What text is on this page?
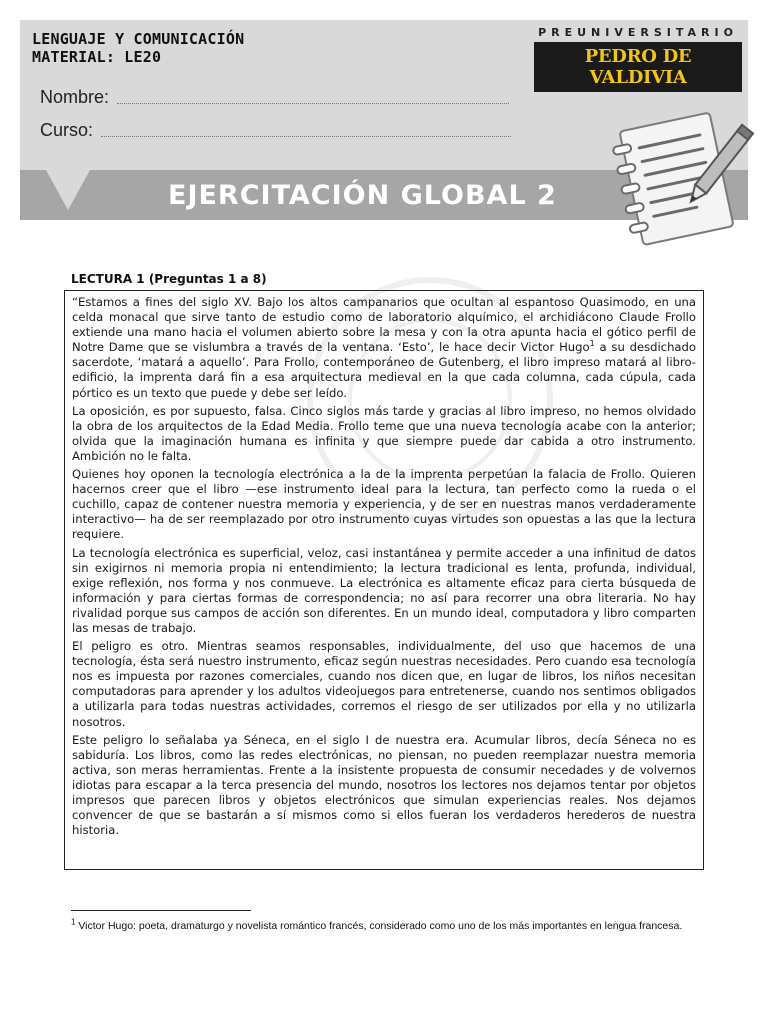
LENGUAJE Y COMUNICACIÓN
MATERIAL: LE20
PREUNIVERSITARIO
PEDRO DE VALDIVIA
Nombre:
Curso:
EJERCITACIÓN GLOBAL 2
LECTURA 1 (Preguntas 1 a 8)

“Estamos a fines del siglo XV. Bajo los altos campanarios que ocultan al espantoso Quasimodo, en una celda monacal que sirve tanto de estudio como de laboratorio alquímico, el archidiácono Claude Frollo extiende una mano hacia el volumen abierto sobre la mesa y con la otra apunta hacia el gótico perfil de Notre Dame que se vislumbra a través de la ventana. ‘Esto’, le hace decir Victor Hugo$^1$ a su desdichado sacerdote, ‘matará a aquello’. Para Frollo, contemporáneo de Gutenberg, el libro impreso matará al libro-edificio, la imprenta dará fin a esa arquitectura medieval en la que cada columna, cada cúpula, cada pórtico es un texto que puede y debe ser leído.

La oposición, es por supuesto, falsa. Cinco siglos más tarde y gracias al libro impreso, no hemos olvidado la obra de los arquitectos de la Edad Media. Frollo teme que una nueva tecnología acabe con la anterior; olvida que la imaginación humana es infinita y que siempre puede dar cabida a otro instrumento. Ambición no le falta.

Quienes hoy oponen la tecnología electrónica a la de la imprenta perpetúan la falacia de Frollo. Quieren hacernos creer que el libro —ese instrumento ideal para la lectura, tan perfecto como la rueda o el cuchillo, capaz de contener nuestra memoria y experiencia, y de ser en nuestras manos verdaderamente interactivo— ha de ser reemplazado por otro instrumento cuyas virtudes son opuestas a las que la lectura requiere.

La tecnología electrónica es superficial, veloz, casi instantánea y permite acceder a una infinitud de datos sin exigirnos ni memoria propia ni entendimiento; la lectura tradicional es lenta, profunda, individual, exige reflexión, nos forma y nos conmueve. La electrónica es altamente eficaz para cierta búsqueda de información y para ciertas formas de correspondencia; no así para recorrer una obra literaria. No hay rivalidad porque sus campos de acción son diferentes. En un mundo ideal, computadora y libro comparten las mesas de trabajo.

El peligro es otro. Mientras seamos responsables, individualmente, del uso que hacemos de una tecnología, ésta será nuestro instrumento, eficaz según nuestras necesidades. Pero cuando esa tecnología nos es impuesta por razones comerciales, cuando nos dicen que, en lugar de libros, los niños necesitan computadoras para aprender y los adultos videojuegos para entretenerse, cuando nos sentimos obligados a utilizarla para todas nuestras actividades, corremos el riesgo de ser utilizados por ella y no utilizarla nosotros.

Este peligro lo señalaba ya Séneca, en el siglo I de nuestra era. Acumular libros, decía Séneca no es sabiduría. Los libros, como las redes electrónicas, no piensan, no pueden reemplazar nuestra memoria activa, son meras herramientas. Frente a la insistente propuesta de consumir necedades y de volvernos idiotas para escapar a la terca presencia del mundo, nosotros los lectores nos dejamos tentar por objetos impresos que parecen libros y objetos electrónicos que simulan experiencias reales. Nos dejamos convencer de que se bastarán a sí mismos como si ellos fueran los verdaderos herederos de nuestra historia.

$^1$ Victor Hugo: poeta, dramaturgo y novelista romántico francés, considerado como uno de los más importantes en lengua francesa.
